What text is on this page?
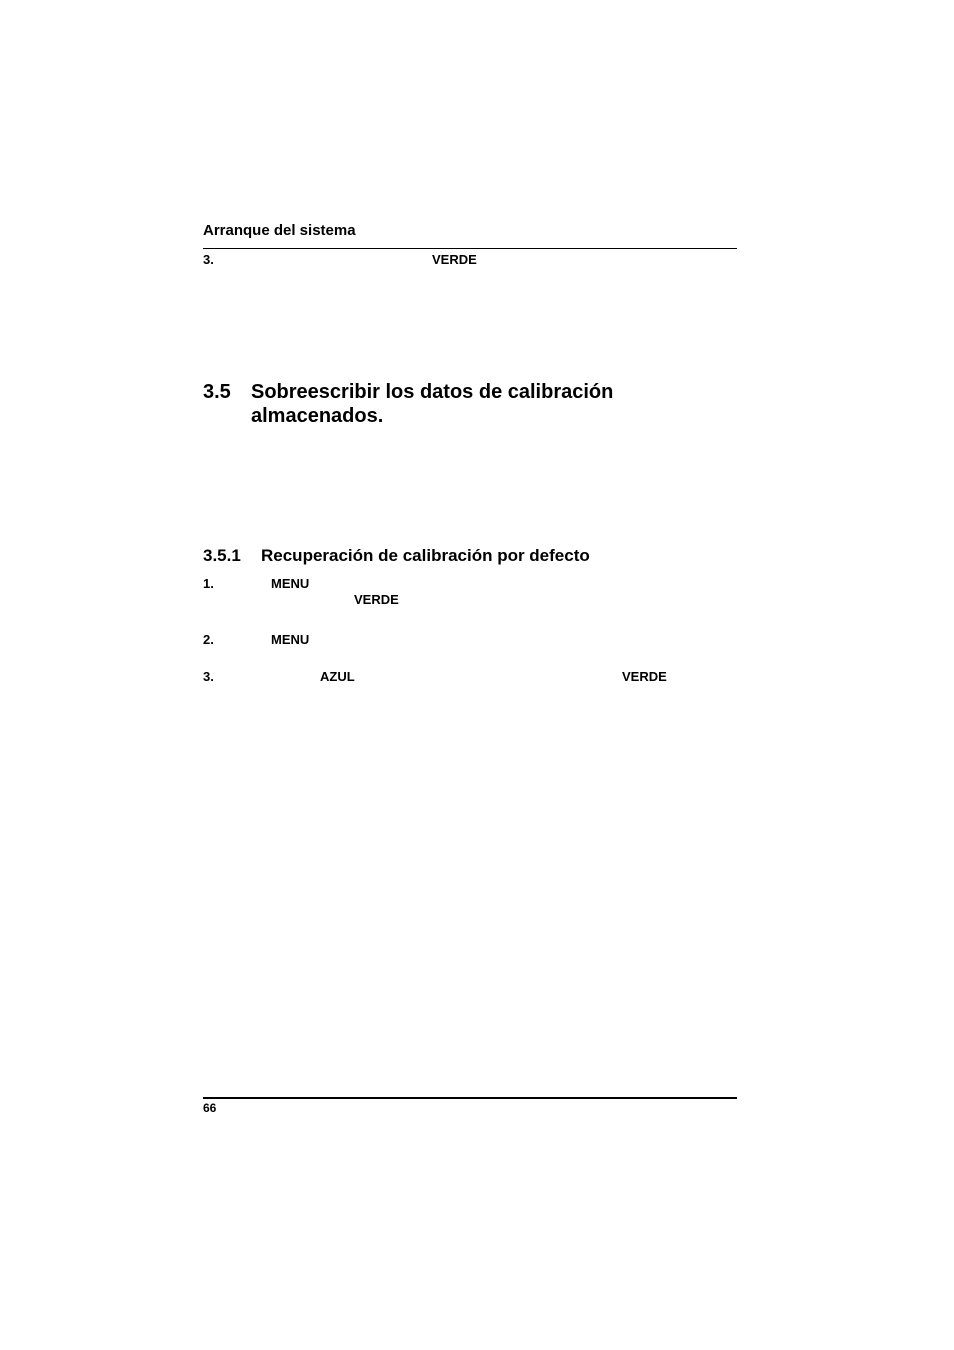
Arranque del sistema
3.	VERDE
3.5 Sobreescribir los datos de calibración almacenados.
3.5.1 Recuperación de calibración por defecto
1.	MENU
VERDE
2.	MENU
3.	AZUL	VERDE
66
